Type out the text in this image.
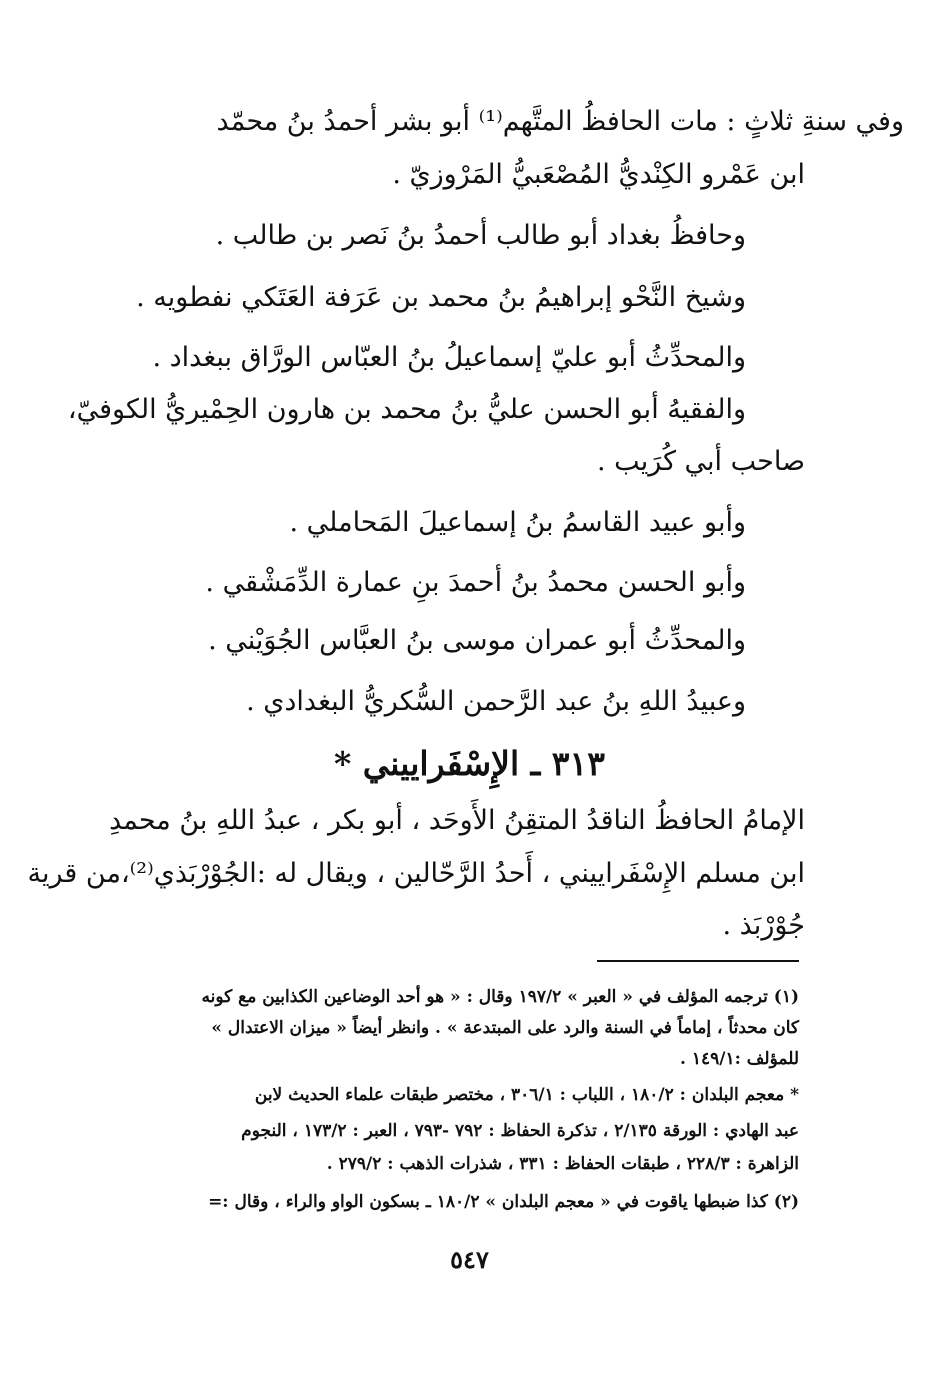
وفي سنةِ ثلاثٍ : مات الحافظُ المتَّهم⁽¹⁾ أبو بشر أحمدُ بنُ محمّد
ابن عَمْرو الكِنْديُّ المُصْعَبيُّ المَرْوزيّ .
وحافظُ بغداد أبو طالب أحمدُ بنُ نَصر بن طالب .
وشيخ النَّحْو إبراهيمُ بنُ محمد بن عَرَفة العَتَكي نفطويه .
والمحدِّثُ أبو عليّ إسماعيلُ بنُ العبّاس الورَّاق ببغداد .
والفقيهُ أبو الحسن عليُّ بنُ محمد بن هارون الحِمْيريُّ الكوفيّ،
صاحب أبي كُرَيب .
وأبو عبيد القاسمُ بنُ إسماعيلَ المَحاملي .
وأبو الحسن محمدُ بنُ أحمدَ بنِ عمارة الدِّمَشْقي .
والمحدِّثُ أبو عمران موسى بنُ العبَّاس الجُوَيْني .
وعبيدُ اللهِ بنُ عبد الرَّحمن السُّكريُّ البغدادي .
٣١٣ ـ الإِسْفَراييني *
الإمامُ الحافظُ الناقدُ المتقِنُ الأَوحَد ، أبو بكر ، عبدُ اللهِ بنُ محمدِ
ابن مسلم الإِسْفَراييني ، أَحدُ الرَّحّالين ، ويقال له :الجُوْرْبَذي⁽²⁾،من قرية
جُوْرْبَذ .
(١) ترجمه المؤلف في « العبر » ١٩٧/٢ وقال : « هو أحد الوضاعين الكذابين مع كونه
كان محدثاً ، إماماً في السنة والرد على المبتدعة » . وانظر أيضاً « ميزان الاعتدال »
للمؤلف :١٤٩/١ .
* معجم البلدان : ١٨٠/٢ ، اللباب : ٣٠٦/١ ، مختصر طبقات علماء الحديث لابن
عبد الهادي : الورقة ٢/١٣٥ ، تذكرة الحفاظ : ٧٩٢ -٧٩٣ ، العبر : ١٧٣/٢ ، النجوم
الزاهرة : ٢٢٨/٣ ، طبقات الحفاظ : ٣٣١ ، شذرات الذهب : ٢٧٩/٢ .
(٢) كذا ضبطها ياقوت في « معجم البلدان » ١٨٠/٢ ـ بسكون الواو والراء ، وقال :=
٥٤٧
